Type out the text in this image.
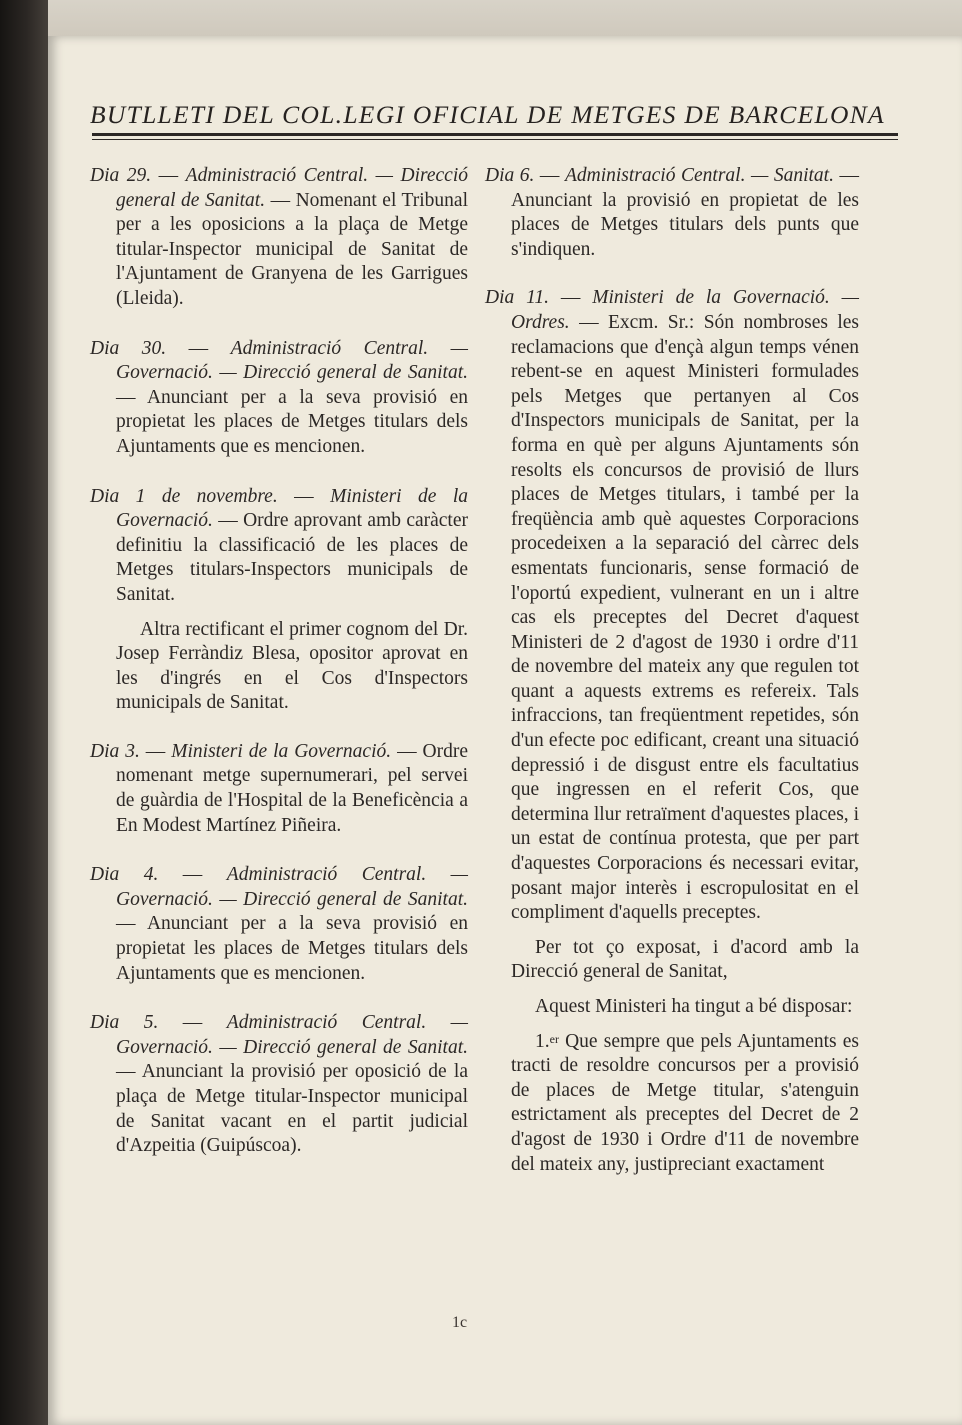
BUTLLETI DEL COL.LEGI OFICIAL DE METGES DE BARCELONA

Dia 29. — Administració Central. — Direcció general de Sanitat. — Nomenant el Tribunal per a les oposicions a la plaça de Metge titular-Inspector municipal de Sanitat de l'Ajuntament de Granyena de les Garrigues (Lleida).

Dia 30. — Administració Central. — Governació. — Direcció general de Sanitat. — Anunciant per a la seva provisió en propietat les places de Metges titulars dels Ajuntaments que es mencionen.

Dia 1 de novembre. — Ministeri de la Governació. — Ordre aprovant amb caràcter definitiu la classificació de les places de Metges titulars-Inspectors municipals de Sanitat.

Altra rectificant el primer cognom del Dr. Josep Ferràndiz Blesa, opositor aprovat en les d'ingrés en el Cos d'Inspectors municipals de Sanitat.

Dia 3. — Ministeri de la Governació. — Ordre nomenant metge supernumerari, pel servei de guàrdia de l'Hospital de la Beneficència a En Modest Martínez Piñeira.

Dia 4. — Administració Central. — Governació. — Direcció general de Sanitat. — Anunciant per a la seva provisió en propietat les places de Metges titulars dels Ajuntaments que es mencionen.

Dia 5. — Administració Central. — Governació. — Direcció general de Sanitat. — Anunciant la provisió per oposició de la plaça de Metge titular-Inspector municipal de Sanitat vacant en el partit judicial d'Azpeitia (Guipúscoa).

Dia 6. — Administració Central. — Sanitat. — Anunciant la provisió en propietat de les places de Metges titulars dels punts que s'indiquen.

Dia 11. — Ministeri de la Governació. — Ordres. — Excm. Sr.: Són nombroses les reclamacions que d'ençà algun temps vénen rebent-se en aquest Ministeri formulades pels Metges que pertanyen al Cos d'Inspectors municipals de Sanitat, per la forma en què per alguns Ajuntaments són resolts els concursos de provisió de llurs places de Metges titulars, i també per la freqüència amb què aquestes Corporacions procedeixen a la separació del càrrec dels esmentats funcionaris, sense formació de l'oportú expedient, vulnerant en un i altre cas els preceptes del Decret d'aquest Ministeri de 2 d'agost de 1930 i ordre d'11 de novembre del mateix any que regulen tot quant a aquests extrems es refereix. Tals infraccions, tan freqüentment repetides, són d'un efecte poc edificant, creant una situació depressió i de disgust entre els facultatius que ingressen en el referit Cos, que determina llur retraïment d'aquestes places, i un estat de contínua protesta, que per part d'aquestes Corporacions és necessari evitar, posant major interès i escropulositat en el compliment d'aquells preceptes.

Per tot ço exposat, i d'acord amb la Direcció general de Sanitat,

Aquest Ministeri ha tingut a bé disposar:

1.$^{er}$ Que sempre que pels Ajuntaments es tracti de resoldre concursos per a provisió de places de Metge titular, s'atenguin estrictament als preceptes del Decret de 2 d'agost de 1930 i Ordre d'11 de novembre del mateix any, justipreciant exactament

1c
